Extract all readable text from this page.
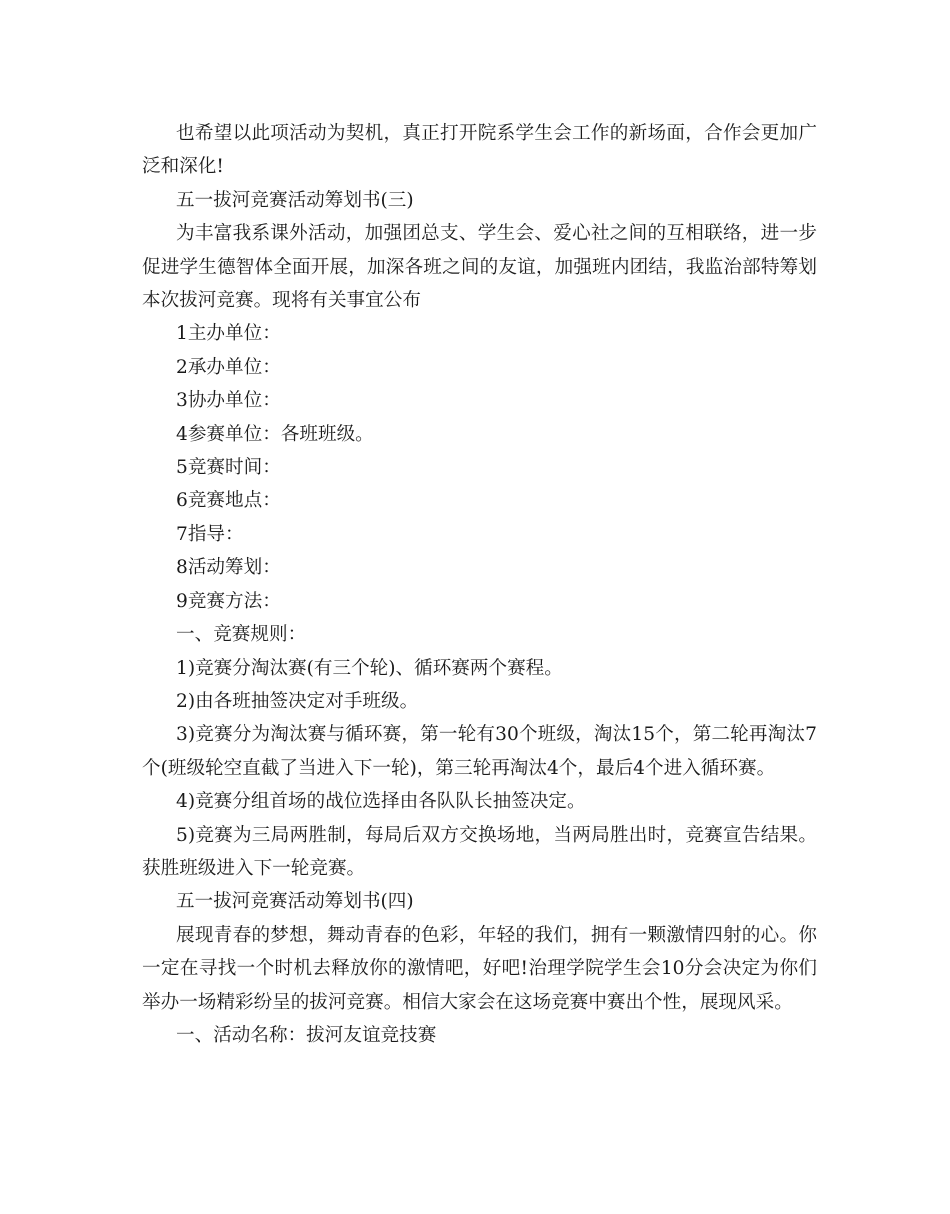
也希望以此项活动为契机，真正打开院系学生会工作的新场面，合作会更加广泛和深化!

五一拔河竞赛活动筹划书(三)

为丰富我系课外活动，加强团总支、学生会、爱心社之间的互相联络，进一步促进学生德智体全面开展，加深各班之间的友谊，加强班内团结，我监治部特筹划本次拔河竞赛。现将有关事宜公布

1主办单位：

2承办单位：

3协办单位：

4参赛单位：各班班级。

5竞赛时间：

6竞赛地点：

7指导：

8活动筹划：

9竞赛方法：

一、竞赛规则：

1)竞赛分淘汰赛(有三个轮)、循环赛两个赛程。

2)由各班抽签决定对手班级。

3)竞赛分为淘汰赛与循环赛，第一轮有30个班级，淘汰15个，第二轮再淘汰7个(班级轮空直截了当进入下一轮)，第三轮再淘汰4个，最后4个进入循环赛。

4)竞赛分组首场的战位选择由各队队长抽签决定。

5)竞赛为三局两胜制，每局后双方交换场地，当两局胜出时，竞赛宣告结果。获胜班级进入下一轮竞赛。

五一拔河竞赛活动筹划书(四)

展现青春的梦想，舞动青春的色彩，年轻的我们，拥有一颗激情四射的心。你一定在寻找一个时机去释放你的激情吧，好吧!治理学院学生会10分会决定为你们举办一场精彩纷呈的拔河竞赛。相信大家会在这场竞赛中赛出个性，展现风采。

一、活动名称：拔河友谊竞技赛
